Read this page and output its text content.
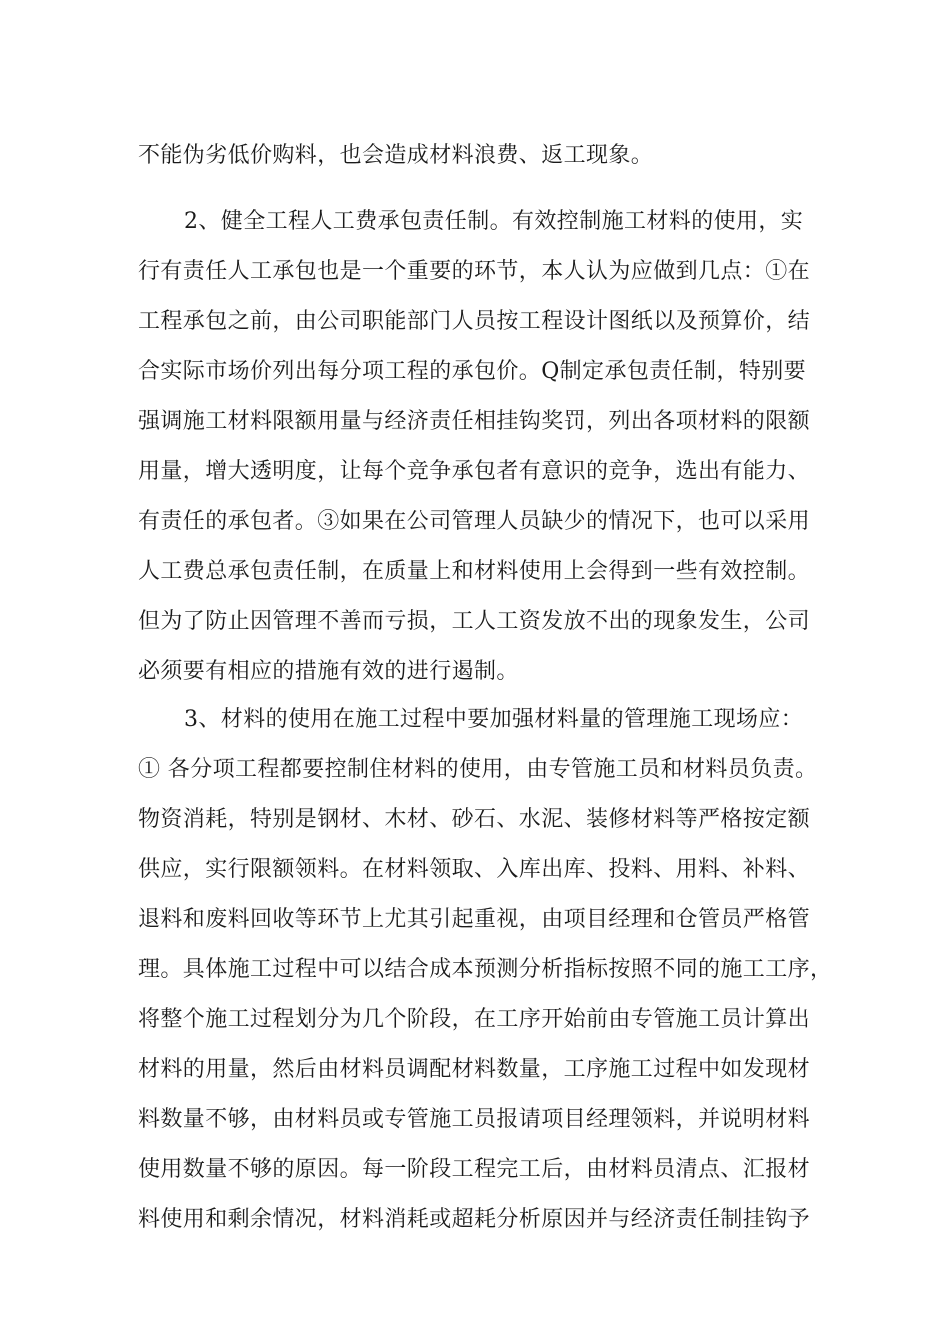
不能伪劣低价购料，也会造成材料浪费、返工现象。

2、健全工程人工费承包责任制。有效控制施工材料的使用，实

行有责任人工承包也是一个重要的环节，本人认为应做到几点：①在

工程承包之前，由公司职能部门人员按工程设计图纸以及预算价，结

合实际市场价列出每分项工程的承包价。Q制定承包责任制，特别要

强调施工材料限额用量与经济责任相挂钩奖罚，列出各项材料的限额

用量，增大透明度，让每个竞争承包者有意识的竞争，选出有能力、

有责任的承包者。③如果在公司管理人员缺少的情况下，也可以采用

人工费总承包责任制，在质量上和材料使用上会得到一些有效控制。

但为了防止因管理不善而亏损，工人工资发放不出的现象发生，公司

必须要有相应的措施有效的进行遏制。

3、材料的使用在施工过程中要加强材料量的管理施工现场应：

① 各分项工程都要控制住材料的使用，由专管施工员和材料员负责。

物资消耗，特别是钢材、木材、砂石、水泥、装修材料等严格按定额

供应，实行限额领料。在材料领取、入库出库、投料、用料、补料、

退料和废料回收等环节上尤其引起重视，由项目经理和仓管员严格管

理。具体施工过程中可以结合成本预测分析指标按照不同的施工工序，

将整个施工过程划分为几个阶段，在工序开始前由专管施工员计算出

材料的用量，然后由材料员调配材料数量，工序施工过程中如发现材

料数量不够，由材料员或专管施工员报请项目经理领料，并说明材料

使用数量不够的原因。每一阶段工程完工后，由材料员清点、汇报材

料使用和剩余情况，材料消耗或超耗分析原因并与经济责任制挂钩予
